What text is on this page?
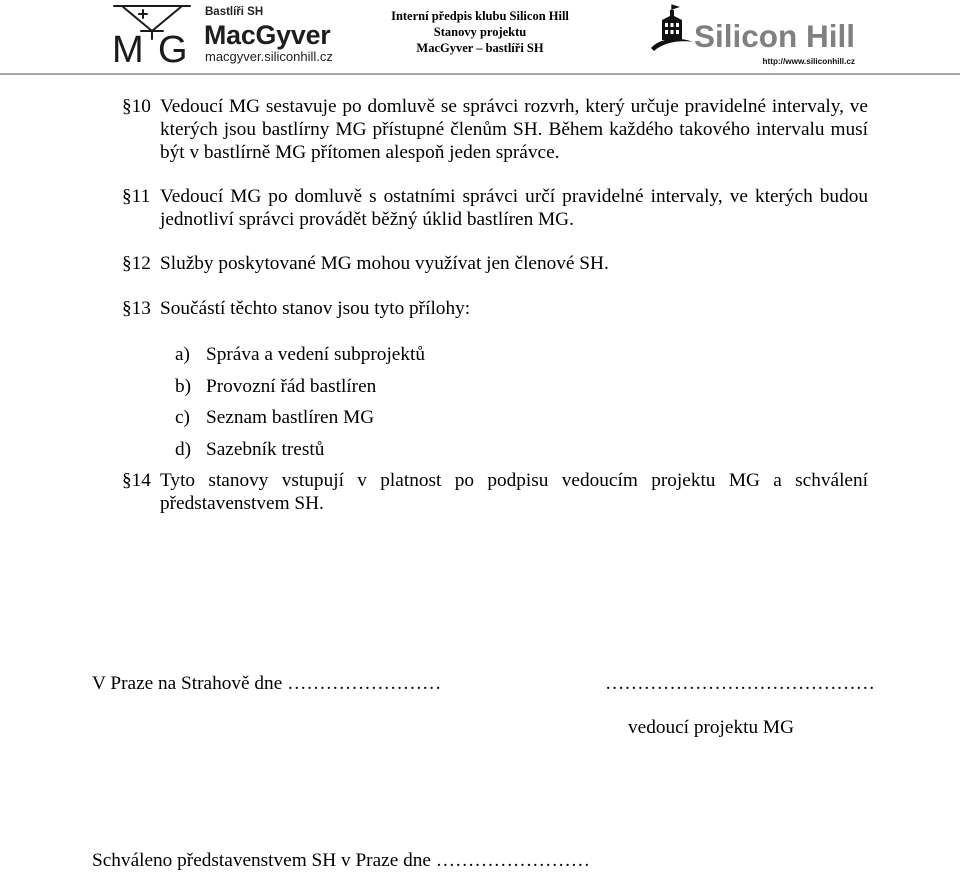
M G
Bastlíři SH
MacGyver
macgyver.siliconhill.cz
Interní předpis klubu Silicon Hill
Stanovy projektu
MacGyver – bastlíři SH	Silicon Hill
http://www.siliconhill.cz
§10 Vedoucí MG sestavuje po domluvě se správci rozvrh, který určuje pravidelné intervaly, ve kterých jsou bastlírny MG přístupné členům SH. Během každého takového intervalu musí být v bastlírně MG přítomen alespoň jeden správce.

§11 Vedoucí MG po domluvě s ostatními správci určí pravidelné intervaly, ve kterých budou jednotliví správci provádět běžný úklid bastlíren MG.

§12 Služby poskytované MG mohou využívat jen členové SH.

§13 Součástí těchto stanov jsou tyto přílohy:

a) Správa a vedení subprojektů
b) Provozní řád bastlíren
c) Seznam bastlíren MG
d) Sazebník trestů
§14 Tyto stanovy vstupují v platnost po podpisu vedoucím projektu MG a schválení představenstvem SH.

V Praze na Strahově dne ……………………	……………………………………
vedoucí projektu MG
Schváleno představenstvem SH v Praze dne ……………………
